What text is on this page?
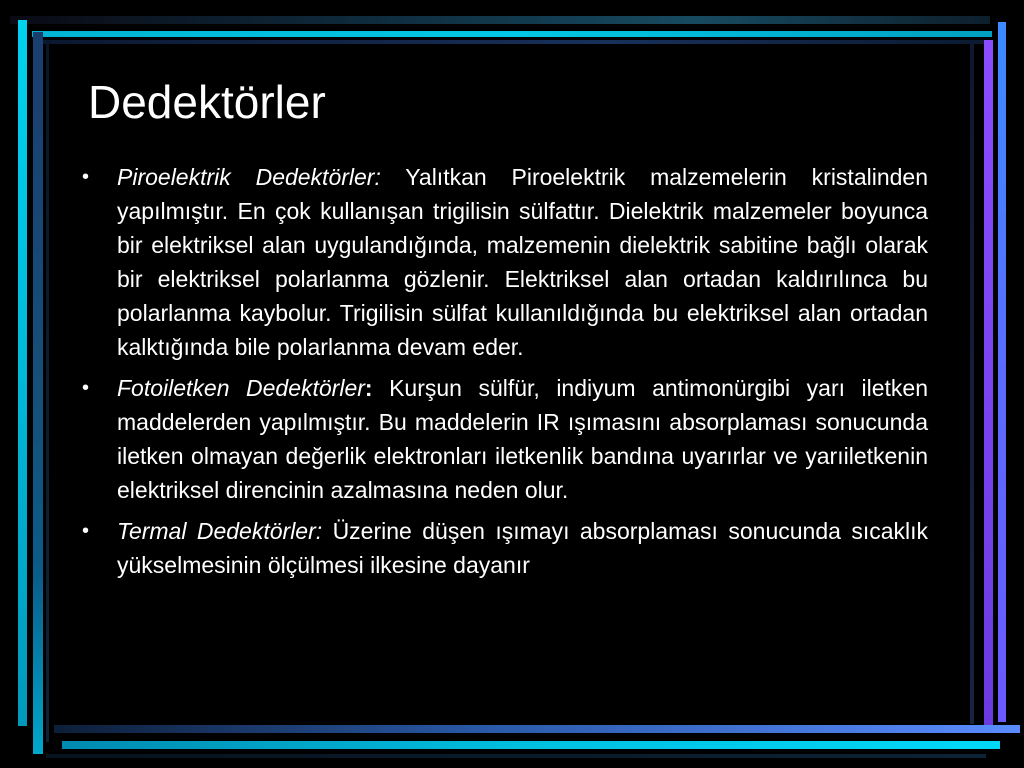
Dedektörler
• Piroelektrik Dedektörler: Yalıtkan Piroelektrik malzemelerin kristalinden yapılmıştır. En çok kullanışan trigilisin sülfattır. Dielektrik malzemeler boyunca bir elektriksel alan uygulandığında, malzemenin dielektrik sabitine bağlı olarak bir elektriksel polarlanma gözlenir. Elektriksel alan ortadan kaldırılınca bu polarlanma kaybolur. Trigilisin sülfat kullanıldığında bu elektriksel alan ortadan kalktığında bile polarlanma devam eder.
• Fotoiletken Dedektörler: Kurşun sülfür, indiyum antimonürgibi yarı iletken maddelerden yapılmıştır. Bu maddelerin IR ışımasını absorplaması sonucunda iletken olmayan değerlik elektronları iletkenlik bandına uyarırlar ve yarıiletkenin elektriksel direncinin azalmasına neden olur.
• Termal Dedektörler: Üzerine düşen ışımayı absorplaması sonucunda sıcaklık yükselmesinin ölçülmesi ilkesine dayanır
